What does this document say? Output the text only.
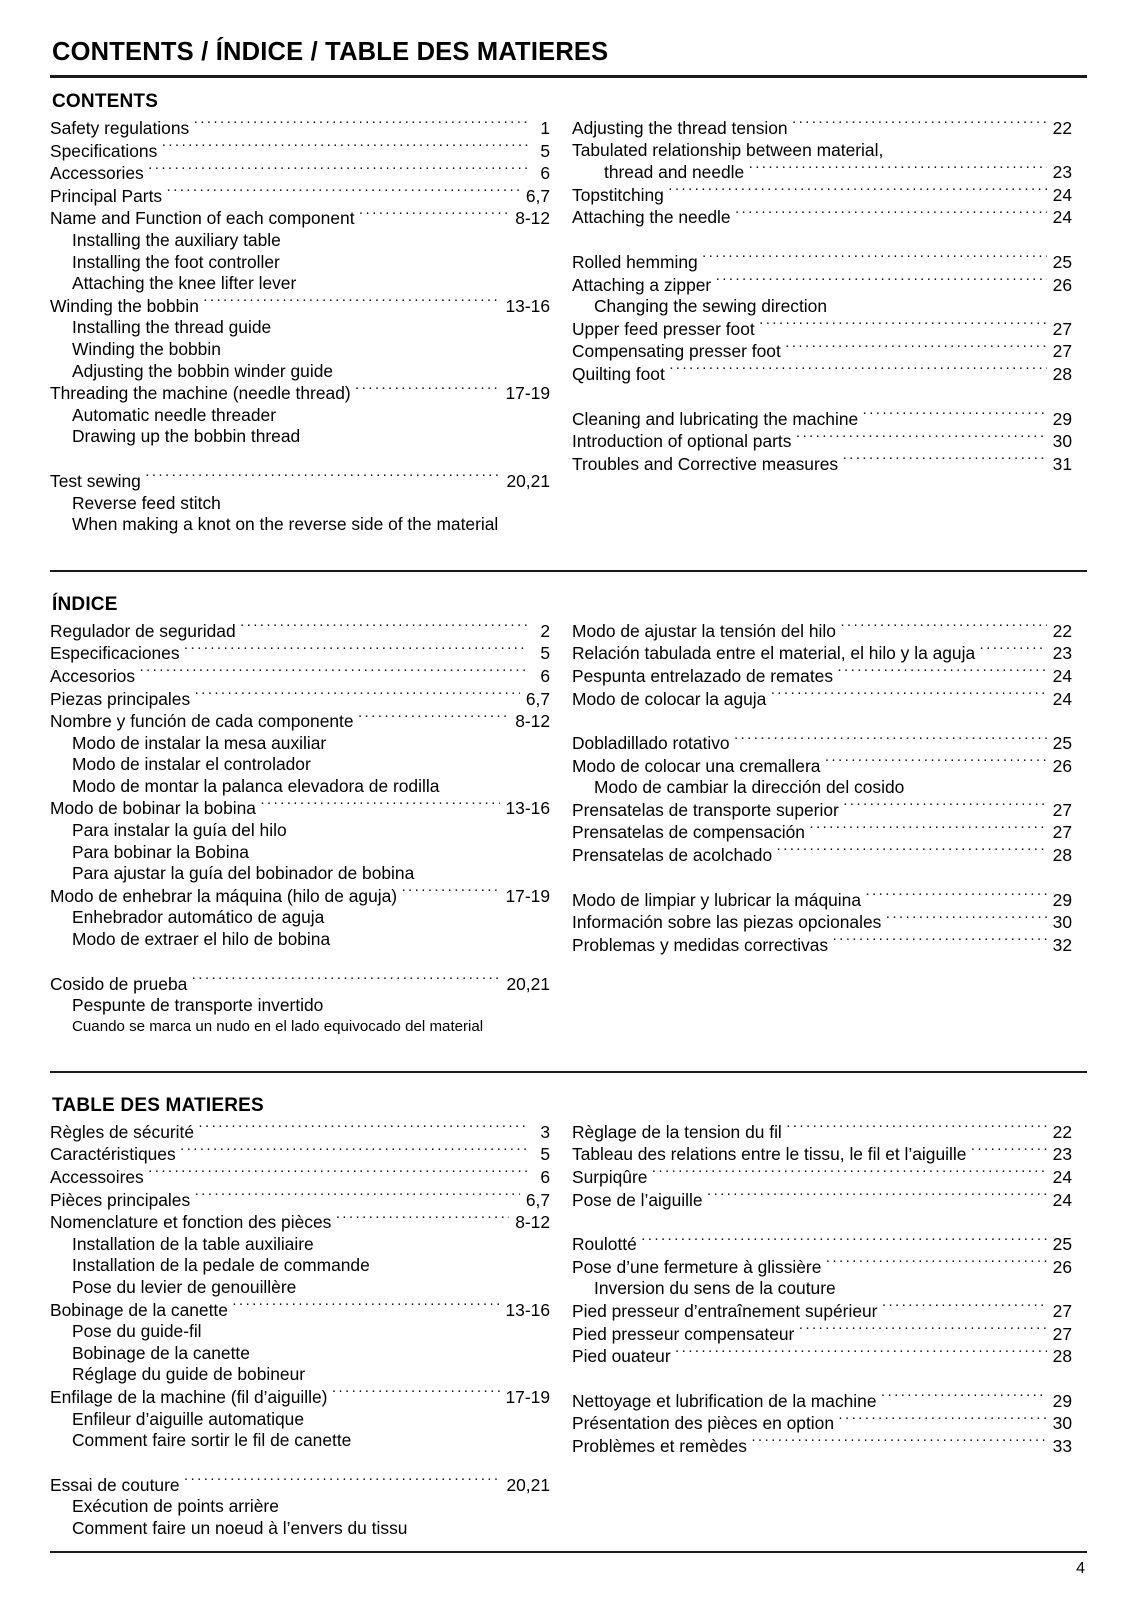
CONTENTS / ÍNDICE / TABLE DES MATIERES
CONTENTS
Safety regulations ·····	1
Specifications ·····	5
Accessories ·····	6
Principal Parts ·····	6,7
Name and Function of each component ·····	8-12
Installing the auxiliary table
Installing the foot controller
Attaching the knee lifter lever
Winding the bobbin ·····	13-16
Installing the thread guide
Winding the bobbin
Adjusting the bobbin winder guide
Threading the machine (needle thread) ·····	17-19
Automatic needle threader
Drawing up the bobbin thread
Test sewing ·····	20,21
Reverse feed stitch
When making a knot on the reverse side of the material
Adjusting the thread tension ·····	22
Tabulated relationship between material,
thread and needle ·····	23
Topstitching ·····	24
Attaching the needle ·····	24
Rolled hemming ·····	25
Attaching a zipper ·····	26
Changing the sewing direction
Upper feed presser foot ·····	27
Compensating presser foot ·····	27
Quilting foot ·····	28
Cleaning and lubricating the machine ·····	29
Introduction of optional parts ·····	30
Troubles and Corrective measures ·····	31
ÍNDICE
Regulador de seguridad ·····	2
Especificaciones ·····	5
Accesorios ·····	6
Piezas principales ·····	6,7
Nombre y función de cada componente ·····	8-12
Modo de instalar la mesa auxiliar
Modo de instalar el controlador
Modo de montar la palanca elevadora de rodilla
Modo de bobinar la bobina ·····	13-16
Para instalar la guía del hilo
Para bobinar la Bobina
Para ajustar la guía del bobinador de bobina
Modo de enhebrar la máquina (hilo de aguja) ·····	17-19
Enhebrador automático de aguja
Modo de extraer el hilo de bobina
Cosido de prueba ·····	20,21
Pespunte de transporte invertido
Cuando se marca un nudo en el lado equivocado del material
Modo de ajustar la tensión del hilo ·····	22
Relación tabulada entre el material, el hilo y la aguja ·····	23
Pespunta entrelazado de remates ·····	24
Modo de colocar la aguja ·····	24
Dobladillado rotativo ·····	25
Modo de colocar una cremallera ·····	26
Modo de cambiar la dirección del cosido
Prensatelas de transporte superior ·····	27
Prensatelas de compensación ·····	27
Prensatelas de acolchado ·····	28
Modo de limpiar y lubricar la máquina ·····	29
Información sobre las piezas opcionales ·····	30
Problemas y medidas correctivas ·····	32
TABLE DES MATIERES
Règles de sécurité ·····	3
Caractéristiques ·····	5
Accessoires ·····	6
Pièces principales ·····	6,7
Nomenclature et fonction des pièces ·····	8-12
Installation de la table auxiliaire
Installation de la pedale de commande
Pose du levier de genouillère
Bobinage de la canette ·····	13-16
Pose du guide-fil
Bobinage de la canette
Réglage du guide de bobineur
Enfilage de la machine (fil d’aiguille) ·····	17-19
Enfileur d’aiguille automatique
Comment faire sortir le fil de canette
Essai de couture ·····	20,21
Exécution de points arrière
Comment faire un noeud à l’envers du tissu
Règlage de la tension du fil ·····	22
Tableau des relations entre le tissu, le fil et l’aiguille ·····	23
Surpiqûre ·····	24
Pose de l’aiguille ·····	24
Roulotté ·····	25
Pose d’une fermeture à glissière ·····	26
Inversion du sens de la couture
Pied presseur d’entraînement supérieur ·····	27
Pied presseur compensateur ·····	27
Pied ouateur ·····	28
Nettoyage et lubrification de la machine ·····	29
Présentation des pièces en option ·····	30
Problèmes et remèdes ·····	33
4
